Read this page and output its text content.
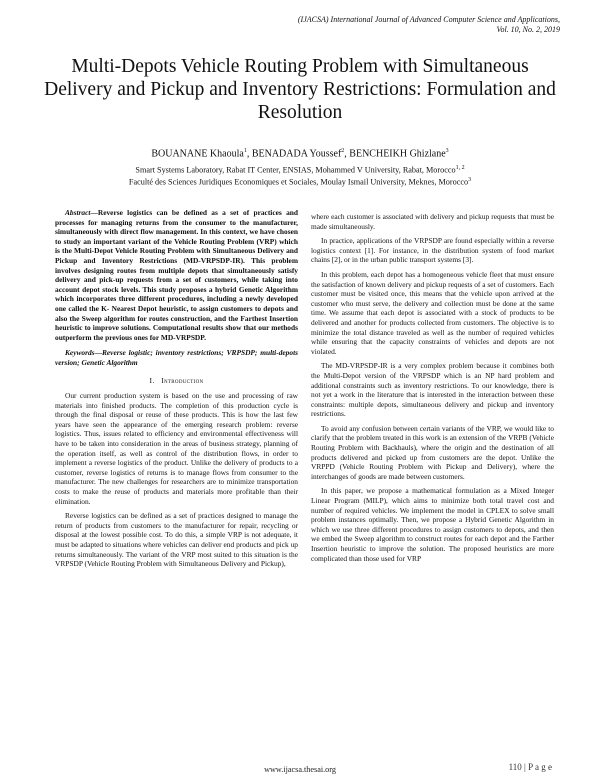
(IJACSA) International Journal of Advanced Computer Science and Applications,
Vol. 10, No. 2, 2019
Multi-Depots Vehicle Routing Problem with Simultaneous Delivery and Pickup and Inventory Restrictions: Formulation and Resolution
BOUANANE Khaoula$^1$, BENADADA Youssef$^2$, BENCHEIKH Ghizlane$^3$
Smart Systems Laboratory, Rabat IT Center, ENSIAS, Mohammed V University, Rabat, Morocco$^{1, 2}$
Faculté des Sciences Juridiques Economiques et Sociales, Moulay Ismail University, Meknes, Morocco$^3$

Abstract—Reverse logistics can be defined as a set of practices and processes for managing returns from the consumer to the manufacturer, simultaneously with direct flow management. In this context, we have chosen to study an important variant of the Vehicle Routing Problem (VRP) which is the Multi-Depot Vehicle Routing Problem with Simultaneous Delivery and Pickup and Inventory Restrictions (MD-VRPSDP-IR). This problem involves designing routes from multiple depots that simultaneously satisfy delivery and pick-up requests from a set of customers, while taking into account depot stock levels. This study proposes a hybrid Genetic Algorithm which incorporates three different procedures, including a newly developed one called the K- Nearest Depot heuristic, to assign customers to depots and also the Sweep algorithm for routes construction, and the Farthest Insertion heuristic to improve solutions. Computational results show that our methods outperform the previous ones for MD-VRPSDP.

Keywords—Reverse logistic; inventory restrictions; VRPSDP; multi-depots version; Genetic Algorithm

I. Introduction

Our current production system is based on the use and processing of raw materials into finished products. The completion of this production cycle is through the final disposal or reuse of these products. This is how the last few years have seen the appearance of the emerging research problem: reverse logistics. Thus, issues related to efficiency and environmental effectiveness will have to be taken into consideration in the areas of business strategy, planning of the operation itself, as well as control of the distribution flows, in order to implement a reverse logistics of the product. Unlike the delivery of products to a customer, reverse logistics of returns is to manage flows from consumer to the manufacturer. The new challenges for researchers are to minimize transportation costs to make the reuse of products and materials more profitable than their elimination.

Reverse logistics can be defined as a set of practices designed to manage the return of products from customers to the manufacturer for repair, recycling or disposal at the lowest possible cost. To do this, a simple VRP is not adequate, it must be adapted to situations where vehicles can deliver end products and pick up returns simultaneously. The variant of the VRP most suited to this situation is the VRPSDP (Vehicle Routing Problem with Simultaneous Delivery and Pickup),

where each customer is associated with delivery and pickup requests that must be made simultaneously.

In practice, applications of the VRPSDP are found especially within a reverse logistics context [1]. For instance, in the distribution system of food market chains [2], or in the urban public transport systems [3].

In this problem, each depot has a homogeneous vehicle fleet that must ensure the satisfaction of known delivery and pickup requests of a set of customers. Each customer must be visited once, this means that the vehicle upon arrived at the customer who must serve, the delivery and collection must be done at the same time. We assume that each depot is associated with a stock of products to be delivered and another for products collected from customers. The objective is to minimize the total distance traveled as well as the number of required vehicles while ensuring that the capacity constraints of vehicles and depots are not violated.

The MD-VRPSDP-IR is a very complex problem because it combines both the Multi-Depot version of the VRPSDP which is an NP hard problem and additional constraints such as inventory restrictions. To our knowledge, there is not yet a work in the literature that is interested in the interaction between these constraints: multiple depots, simultaneous delivery and pickup and inventory restrictions.

To avoid any confusion between certain variants of the VRP, we would like to clarify that the problem treated in this work is an extension of the VRPB (Vehicle Routing Problem with Backhauls), where the origin and the destination of all products delivered and picked up from customers are the depot. Unlike the VRPPD (Vehicle Routing Problem with Pickup and Delivery), where the interchanges of goods are made between customers.

In this paper, we propose a mathematical formulation as a Mixed Integer Linear Program (MILP), which aims to minimize both total travel cost and number of required vehicles. We implement the model in CPLEX to solve small problem instances optimally. Then, we propose a Hybrid Genetic Algorithm in which we use three different procedures to assign customers to depots, and then we embed the Sweep algorithm to construct routes for each depot and the Farther Insertion heuristic to improve the solution. The proposed heuristics are more complicated than those used for VRP

www.ijacsa.thesai.org	110 | P a g e
